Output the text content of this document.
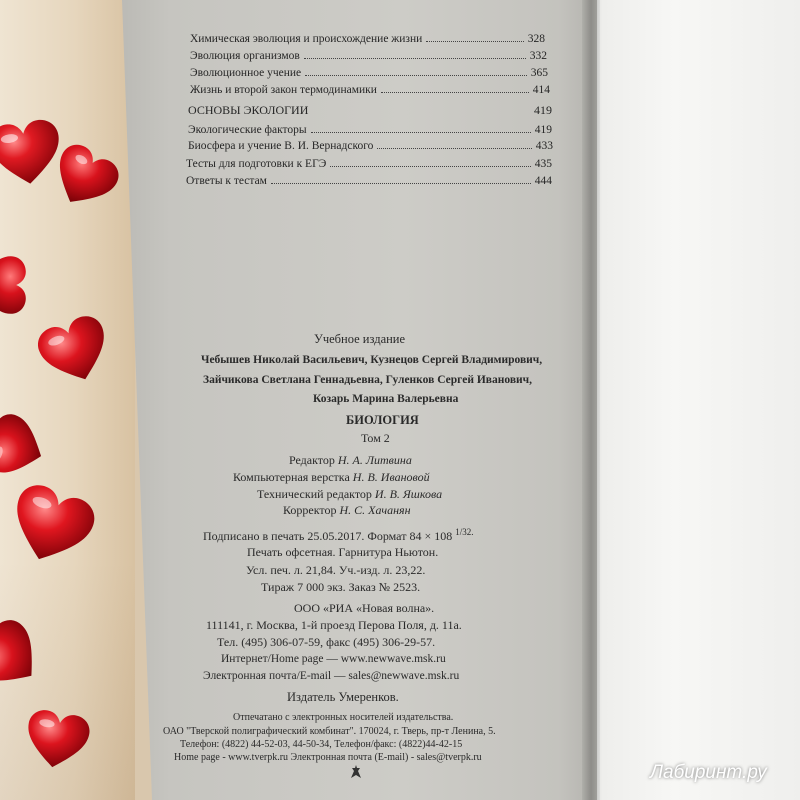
Химическая эволюция и происхождение жизни	328
Эволюция организмов	332
Эволюционное учение	365
Жизнь и второй закон термодинамики	414
ОСНОВЫ ЭКОЛОГИИ	419
Экологические факторы	419
Биосфера и учение В. И. Вернадского	433
Тесты для подготовки к ЕГЭ	435
Ответы к тестам	444
Учебное издание
Чебышев Николай Васильевич, Кузнецов Сергей Владимирович,
Зайчикова Светлана Геннадьевна, Гуленков Сергей Иванович,
Козарь Марина Валерьевна
БИОЛОГИЯ
Том 2
Редактор Н. А. Литвина
Компьютерная верстка Н. В. Ивановой
Технический редактор И. В. Яшкова
Корректор Н. С. Хачанян
Подписано в печать 25.05.2017. Формат 84 × 108 $^{1/32.}$
Печать офсетная. Гарнитура Ньютон.
Усл. печ. л. 21,84. Уч.-изд. л. 23,22.
Тираж 7 000 экз. Заказ № 2523.
ООО «РИА «Новая волна».
111141, г. Москва, 1-й проезд Перова Поля, д. 11а.
Тел. (495) 306-07-59, факс (495) 306-29-57.
Интернет/Home page — www.newwave.msk.ru
Электронная почта/E-mail — sales@newwave.msk.ru
Издатель Умеренков.
Отпечатано с электронных носителей издательства.
ОАО "Тверской полиграфический комбинат". 170024, г. Тверь, пр-т Ленина, 5.
Телефон: (4822) 44-52-03, 44-50-34, Телефон/факс: (4822)44-42-15
Home page - www.tverpk.ru Электронная почта (E-mail) - sales@tverpk.ru
Лабиринт.ру
